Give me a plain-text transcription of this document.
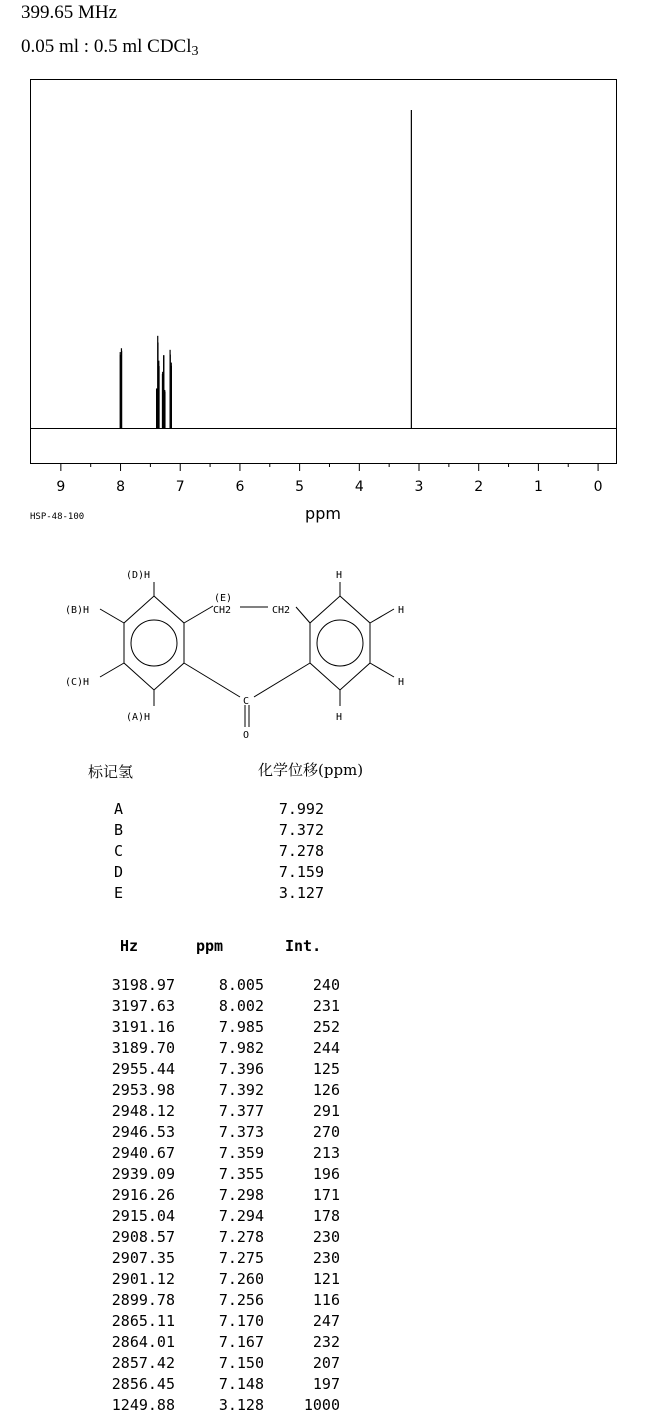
399.65 MHz
0.05 ml : 0.5 ml CDCl$_3$
9	8	7	6	5	4	3	2	1	0
ppm
HSP-48-100
(D)H
(B)H
(C)H
(A)H
(E)
CH2	CH2
H
H
H
H
C
O
标记氢	化学位移(ppm)
A	7.992
B	7.372
C	7.278
D	7.159
E	3.127
Hz	ppm	Int.
3198.97	8.005	240
3197.63	8.002	231
3191.16	7.985	252
3189.70	7.982	244
2955.44	7.396	125
2953.98	7.392	126
2948.12	7.377	291
2946.53	7.373	270
2940.67	7.359	213
2939.09	7.355	196
2916.26	7.298	171
2915.04	7.294	178
2908.57	7.278	230
2907.35	7.275	230
2901.12	7.260	121
2899.78	7.256	116
2865.11	7.170	247
2864.01	7.167	232
2857.42	7.150	207
2856.45	7.148	197
1249.88	3.128	1000
